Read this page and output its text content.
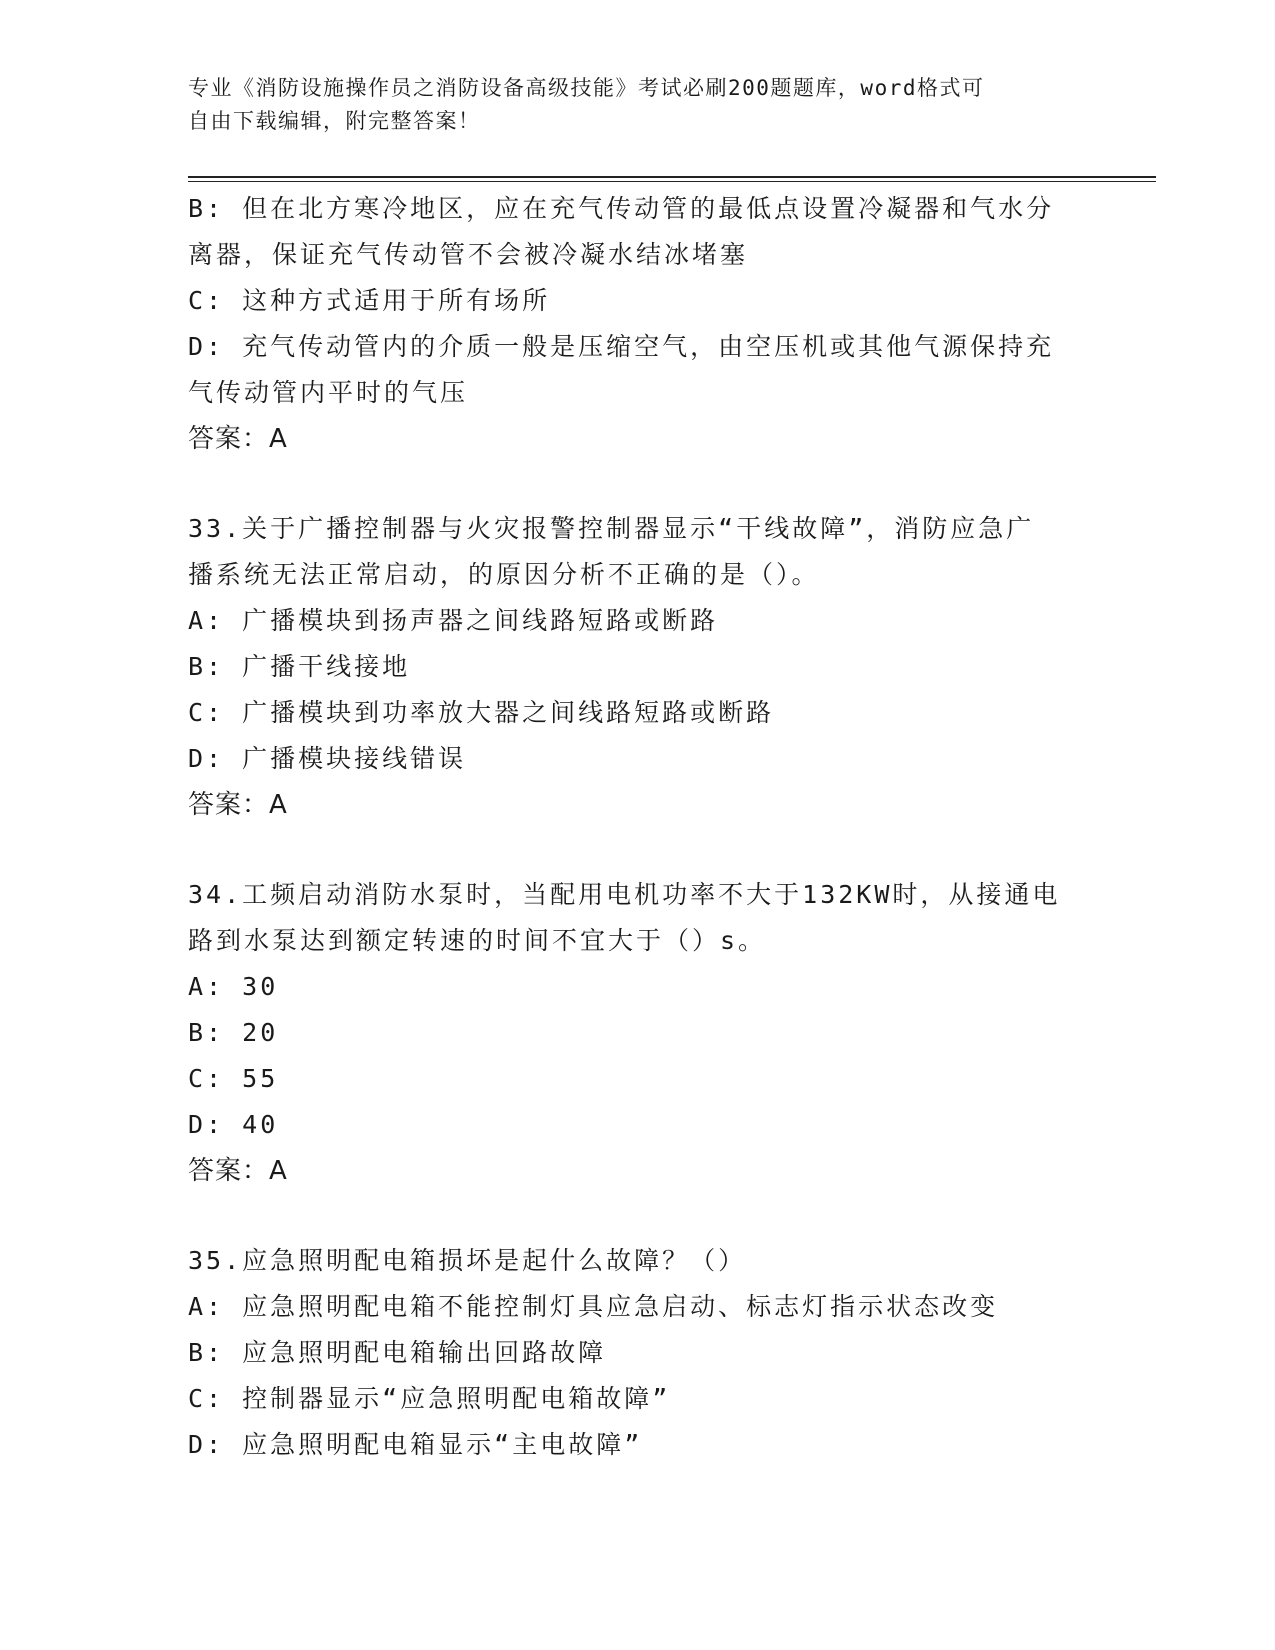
专业《消防设施操作员之消防设备高级技能》考试必刷200题题库，word格式可
自由下载编辑，附完整答案！
B: 但在北方寒冷地区，应在充气传动管的最低点设置冷凝器和气水分
离器，保证充气传动管不会被冷凝水结冰堵塞
C: 这种方式适用于所有场所
D: 充气传动管内的介质一般是压缩空气，由空压机或其他气源保持充
气传动管内平时的气压
答案：A
33.关于广播控制器与火灾报警控制器显示“干线故障”，消防应急广
播系统无法正常启动，的原因分析不正确的是（）。
A: 广播模块到扬声器之间线路短路或断路
B: 广播干线接地
C: 广播模块到功率放大器之间线路短路或断路
D: 广播模块接线错误
答案：A
34.工频启动消防水泵时，当配用电机功率不大于132KW时，从接通电
路到水泵达到额定转速的时间不宜大于（）s。
A: 30
B: 20
C: 55
D: 40
答案：A
35.应急照明配电箱损坏是起什么故障？（）
A: 应急照明配电箱不能控制灯具应急启动、标志灯指示状态改变
B: 应急照明配电箱输出回路故障
C: 控制器显示“应急照明配电箱故障”
D: 应急照明配电箱显示“主电故障”
